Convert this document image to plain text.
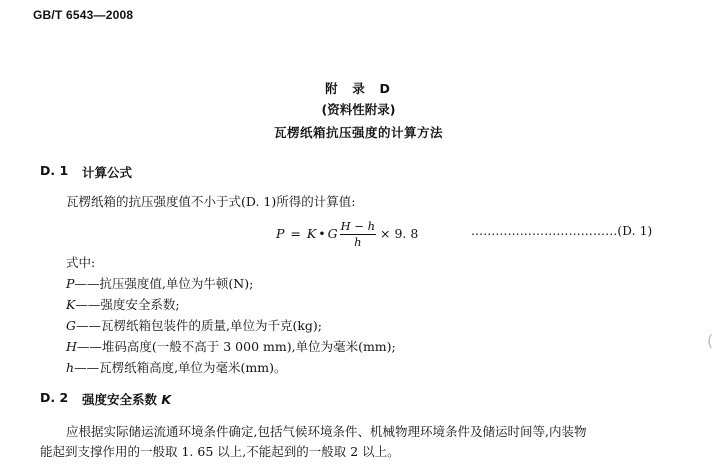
GB/T 6543—2008
附  录  D
(资料性附录)
瓦楞纸箱抗压强度的计算方法
D. 1 计算公式
瓦楞纸箱的抗压强度值不小于式(D. 1)所得的计算值:
P = K • G $\frac{H - h}{h} \times 9$. 8	………………………………(D. 1)
式中:
P——抗压强度值,单位为牛顿(N);
K——强度安全系数;
G——瓦楞纸箱包装件的质量,单位为千克(kg);
H——堆码高度(一般不高于 3 000 mm),单位为毫米(mm);
h——瓦楞纸箱高度,单位为毫米(mm)。
D. 2 强度安全系数 K
应根据实际储运流通环境条件确定,包括气候环境条件、机械物理环境条件及储运时间等,内装物
能起到支撑作用的一般取 1. 65 以上,不能起到的一般取 2 以上。
(
